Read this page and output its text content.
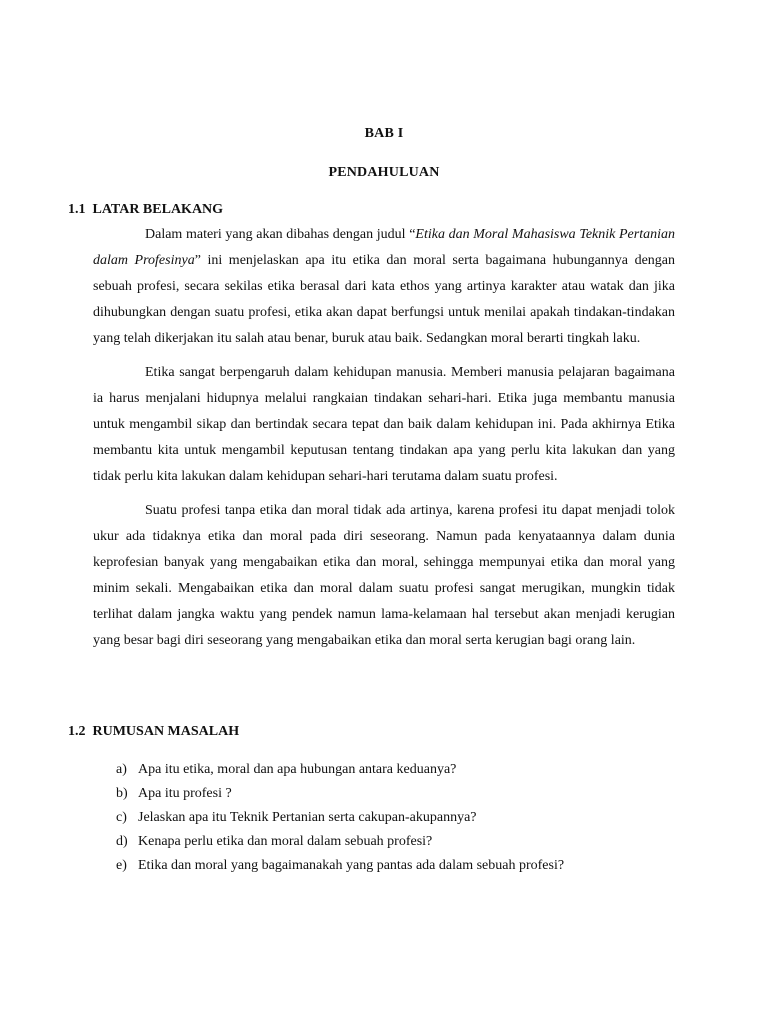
BAB I
PENDAHULUAN
1.1  LATAR BELAKANG

Dalam materi yang akan dibahas dengan judul “Etika dan Moral Mahasiswa Teknik Pertanian dalam Profesinya” ini menjelaskan apa itu etika dan moral serta bagaimana hubungannya dengan sebuah profesi, secara sekilas etika berasal dari kata ethos yang artinya karakter atau watak dan jika dihubungkan dengan suatu profesi, etika akan dapat berfungsi untuk menilai apakah tindakan-tindakan yang telah dikerjakan itu salah atau benar, buruk atau baik. Sedangkan moral berarti tingkah laku.

Etika sangat berpengaruh dalam kehidupan manusia. Memberi manusia pelajaran bagaimana ia harus menjalani hidupnya melalui rangkaian tindakan sehari-hari. Etika juga membantu manusia untuk mengambil sikap dan bertindak secara tepat dan baik dalam kehidupan ini. Pada akhirnya Etika membantu kita untuk mengambil keputusan tentang tindakan apa yang perlu kita lakukan dan yang tidak perlu kita lakukan dalam kehidupan sehari-hari terutama dalam suatu profesi.

Suatu profesi tanpa etika dan moral tidak ada artinya, karena profesi itu dapat menjadi tolok ukur ada tidaknya etika dan moral pada diri seseorang. Namun pada kenyataannya dalam dunia keprofesian banyak yang mengabaikan etika dan moral, sehingga mempunyai etika dan moral yang minim sekali. Mengabaikan etika dan moral dalam suatu profesi sangat merugikan, mungkin tidak terlihat dalam jangka waktu yang pendek namun lama-kelamaan hal tersebut akan menjadi kerugian yang besar bagi diri seseorang yang mengabaikan etika dan moral serta kerugian bagi orang lain.

1.2  RUMUSAN MASALAH
a) Apa itu etika, moral dan apa hubungan antara keduanya?
b) Apa itu profesi ?
c) Jelaskan apa itu Teknik Pertanian serta cakupan-akupannya?
d) Kenapa perlu etika dan moral dalam sebuah profesi?
e) Etika dan moral yang bagaimanakah yang pantas ada dalam sebuah profesi?
